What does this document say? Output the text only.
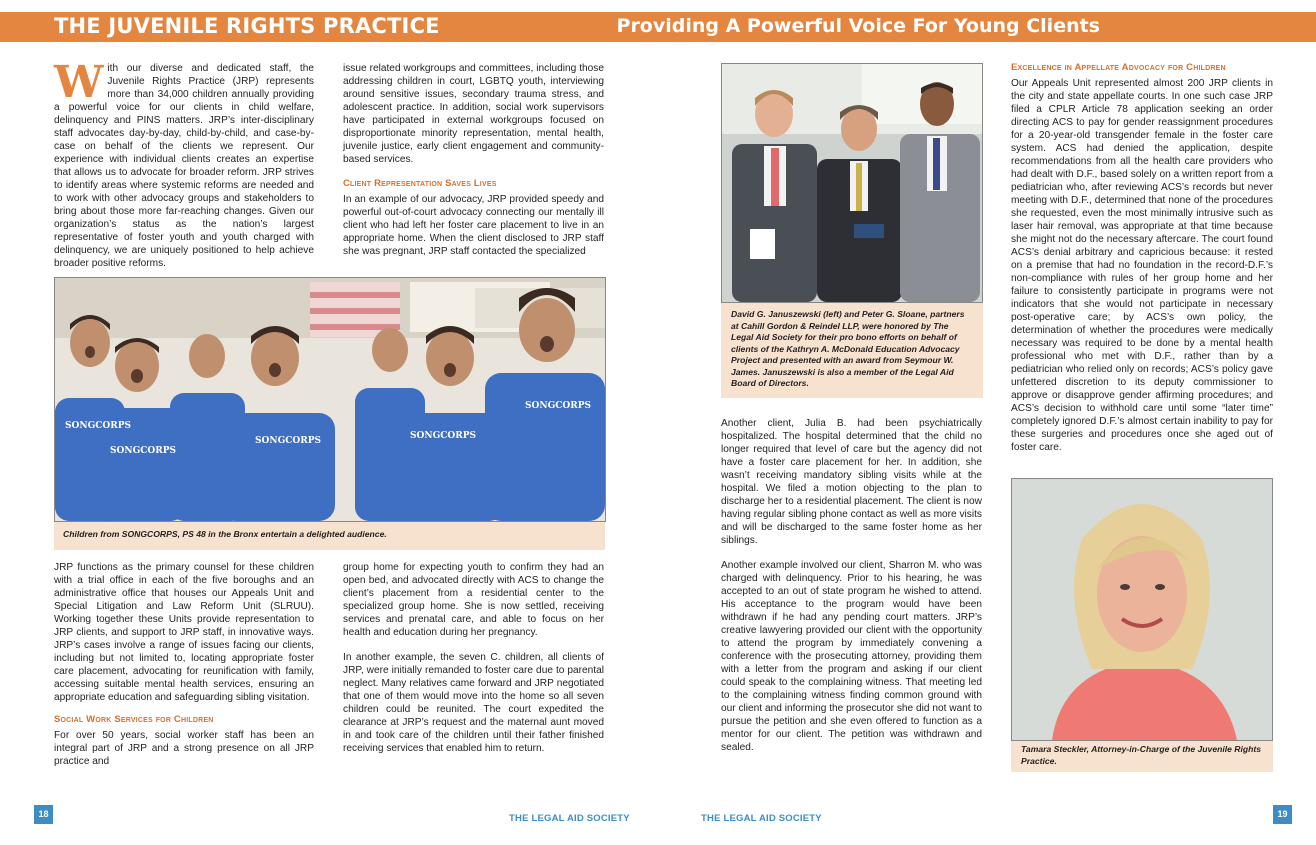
THE JUVENILE RIGHTS PRACTICE	Providing A Powerful Voice For Young Clients

With our diverse and dedicated staff, the Juvenile Rights Practice (JRP) represents more than 34,000 children annually providing a powerful voice for our clients in child welfare, delinquency and PINS matters. JRP’s inter-disciplinary staff advocates day-by-day, child-by-child, and case-by-case on behalf of the clients we represent. Our experience with individual clients creates an expertise that allows us to advocate for broader reform. JRP strives to identify areas where systemic reforms are needed and to work with other advocacy groups and stakeholders to bring about those more far-reaching changes. Given our organization’s status as the nation’s largest representative of foster youth and youth charged with delinquency, we are uniquely positioned to help achieve broader positive reforms.

issue related workgroups and committees, including those addressing children in court, LGBTQ youth, interviewing around sensitive issues, secondary trauma stress, and adolescent practice. In addition, social work supervisors have participated in external workgroups focused on disproportionate minority representation, mental health, juvenile justice, early client engagement and community-based services.

Client Representation Saves Lives

In an example of our advocacy, JRP provided speedy and powerful out-of-court advocacy connecting our mentally ill client who had left her foster care placement to live in an appropriate home. When the client disclosed to JRP staff she was pregnant, JRP staff contacted the specialized

SONGCORPS
SONGCORPS
SONGCORPS	SONGCORPS
SONGCORPS
Children from SONGCORPS, PS 48 in the Bronx entertain a delighted audience.

JRP functions as the primary counsel for these children with a trial office in each of the five boroughs and an administrative office that houses our Appeals Unit and Special Litigation and Law Reform Unit (SLRUU). Working together these Units provide representation to JRP clients, and support to JRP staff, in innovative ways. JRP’s cases involve a range of issues facing our clients, including but not limited to, locating appropriate foster care placement, advocating for reunification with family, accessing suitable mental health services, ensuring an appropriate education and safeguarding sibling visitation.

Social Work Services for Children

For over 50 years, social worker staff has been an integral part of JRP and a strong presence on all JRP practice and

group home for expecting youth to confirm they had an open bed, and advocated directly with ACS to change the client’s placement from a residential center to the specialized group home. She is now settled, receiving services and prenatal care, and able to focus on her health and education during her pregnancy.

In another example, the seven C. children, all clients of JRP, were initially remanded to foster care due to parental neglect. Many relatives came forward and JRP negotiated that one of them would move into the home so all seven children could be reunited. The court expedited the clearance at JRP’s request and the maternal aunt moved in and took care of the children until their father finished receiving services that enabled him to return.

David G. Januszewski (left) and Peter G. Sloane, partners at Cahill Gordon & Reindel LLP, were honored by The Legal Aid Society for their pro bono efforts on behalf of clients of the Kathryn A. McDonald Education Advocacy Project and presented with an award from Seymour W. James. Januszewski is also a member of the Legal Aid Board of Directors.

Another client, Julia B. had been psychiatrically hospitalized. The hospital determined that the child no longer required that level of care but the agency did not have a foster care placement for her. In addition, she wasn’t receiving mandatory sibling visits while at the hospital. We filed a motion objecting to the plan to discharge her to a residential placement. The client is now having regular sibling phone contact as well as more visits and will be discharged to the same foster home as her siblings.

Another example involved our client, Sharron M. who was charged with delinquency. Prior to his hearing, he was accepted to an out of state program he wished to attend. His acceptance to the program would have been withdrawn if he had any pending court matters. JRP’s creative lawyering provided our client with the opportunity to attend the program by immediately convening a conference with the prosecuting attorney, providing them with a letter from the program and asking if our client could speak to the complaining witness. That meeting led to the complaining witness finding common ground with our client and informing the prosecutor she did not want to pursue the petition and she even offered to function as a mentor for our client. The petition was withdrawn and sealed.

Excellence in Appellate Advocacy for Children

Our Appeals Unit represented almost 200 JRP clients in the city and state appellate courts. In one such case JRP filed a CPLR Article 78 application seeking an order directing ACS to pay for gender reassignment procedures for a 20-year-old transgender female in the foster care system. ACS had denied the application, despite recommendations from all the health care providers who had dealt with D.F., based solely on a written report from a pediatrician who, after reviewing ACS’s records but never meeting with D.F., determined that none of the procedures she requested, even the most minimally intrusive such as laser hair removal, was appropriate at that time because she might not do the necessary aftercare. The court found ACS’s denial arbitrary and capricious because: it rested on a premise that had no foundation in the record-D.F.’s non-compliance with rules of her group home and her failure to consistently participate in programs were not indicators that she would not participate in necessary post-operative care; by ACS’s own policy, the determination of whether the procedures were medically necessary was required to be done by a mental health professional who met with D.F., rather than by a pediatrician who relied only on records; ACS’s policy gave unfettered discretion to its deputy commissioner to approve or disapprove gender affirming procedures; and ACS’s decision to withhold care until some “later time” completely ignored D.F.’s almost certain inability to pay for these surgeries and procedures once she aged out of foster care.

Tamara Steckler, Attorney-in-Charge of the Juvenile Rights Practice.
18	19
THE LEGAL AID SOCIETY	THE LEGAL AID SOCIETY
